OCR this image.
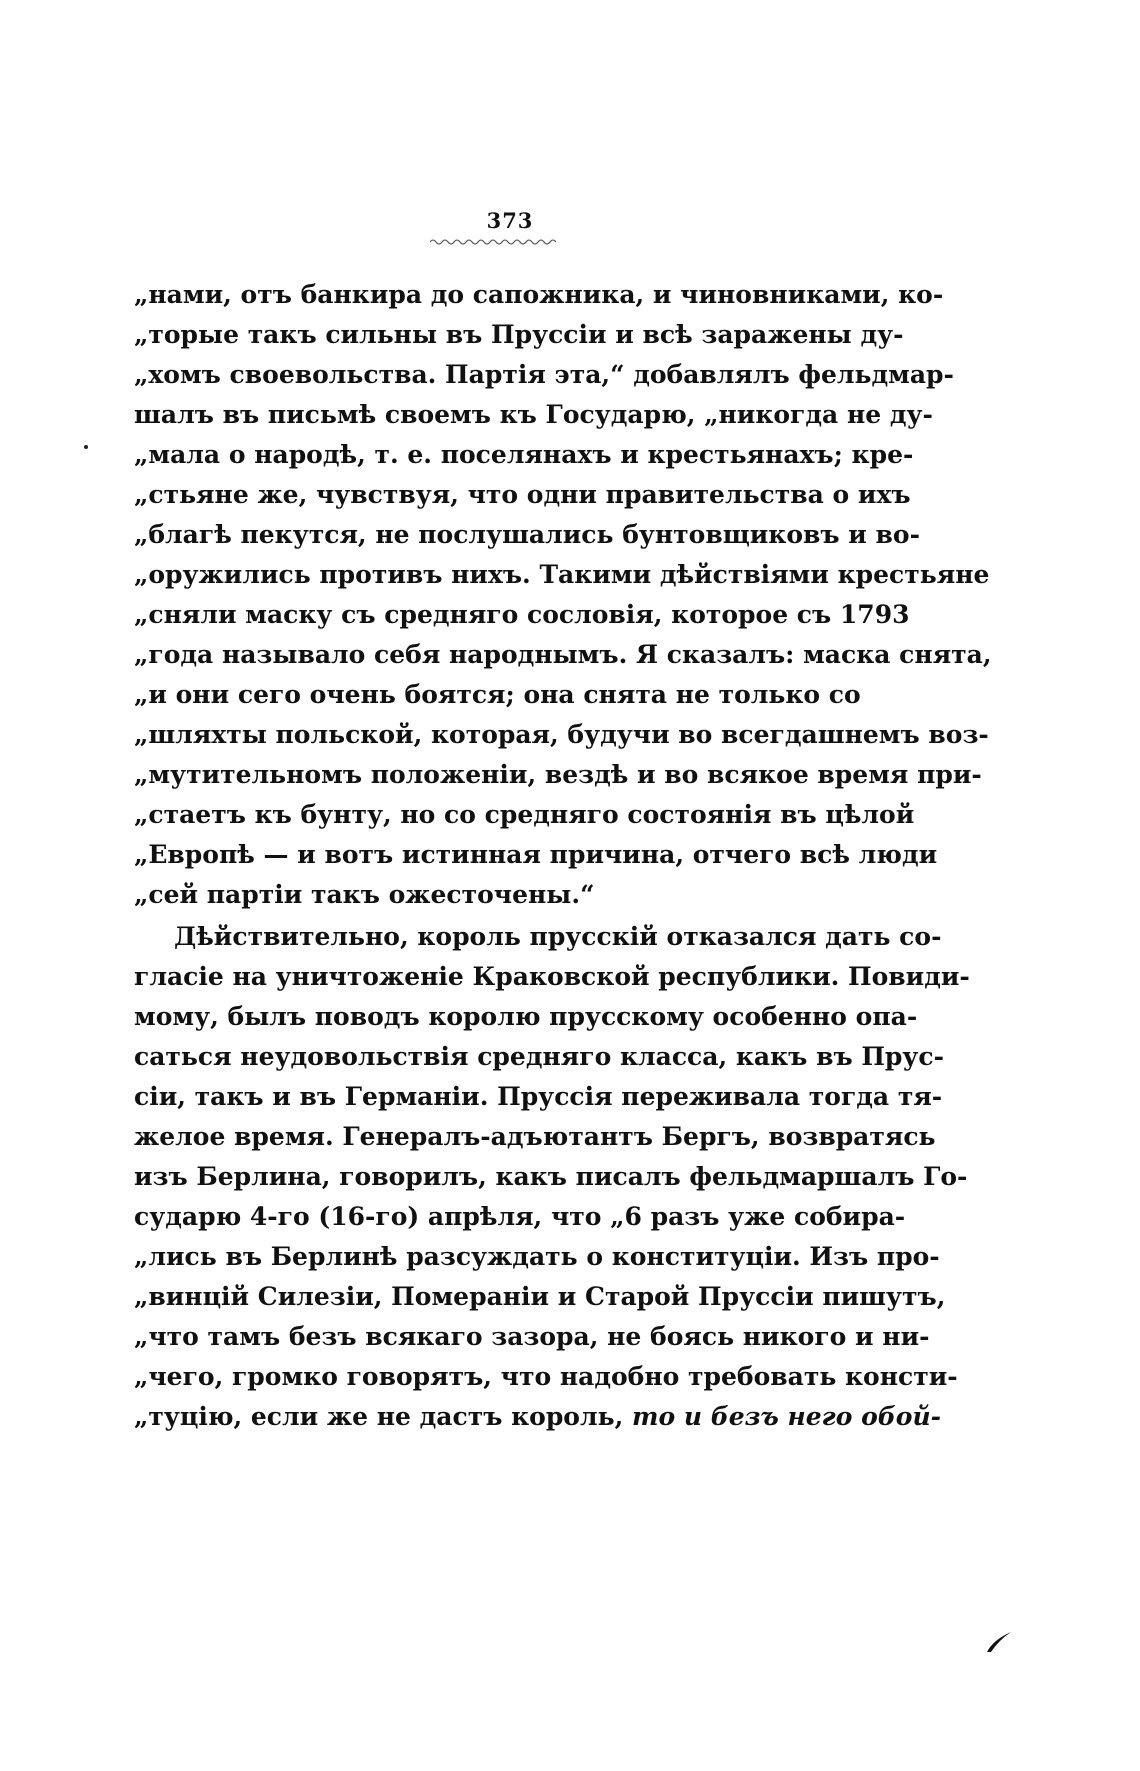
373
„нами, отъ банкира до сапожника, и чиновниками, ко-
„торые такъ сильны въ Пруссіи и всѣ заражены ду-
„хомъ своевольства. Партія эта,“ добавлялъ фельдмар-
шалъ въ письмѣ своемъ къ Государю, „никогда не ду-
„мала о народѣ, т. е. поселянахъ и крестьянахъ; кре-
„стьяне же, чувствуя, что одни правительства о ихъ
„благѣ пекутся, не послушались бунтовщиковъ и во-
„оружились противъ нихъ. Такими дѣйствіями крестьяне
„сняли маску съ средняго сословія, которое съ 1793
„года называло себя народнымъ. Я сказалъ: маска снята,
„и они сего очень боятся; она снята не только со
„шляхты польской, которая, будучи во всегдашнемъ воз-
„мутительномъ положеніи, вездѣ и во всякое время при-
„стаетъ къ бунту, но со средняго состоянія въ цѣлой
„Европѣ — и вотъ истинная причина, отчего всѣ люди
„сей партіи такъ ожесточены.“
Дѣйствительно, король прусскій отказался дать со-
гласіе на уничтоженіе Краковской республики. Повиди-
мому, былъ поводъ королю прусскому особенно опа-
саться неудовольствія средняго класса, какъ въ Прус-
сіи, такъ и въ Германіи. Пруссія переживала тогда тя-
желое время. Генералъ-адъютантъ Бергъ, возвратясь
изъ Берлина, говорилъ, какъ писалъ фельдмаршалъ Го-
сударю 4-го (16-го) апрѣля, что „6 разъ уже собира-
„лись въ Берлинѣ разсуждать о конституціи. Изъ про-
„винцій Силезіи, Помераніи и Старой Пруссіи пишутъ,
„что тамъ безъ всякаго зазора, не боясь никого и ни-
„чего, громко говорятъ, что надобно требовать консти-
„туцію, если же не дастъ король, то и безъ него обой-
